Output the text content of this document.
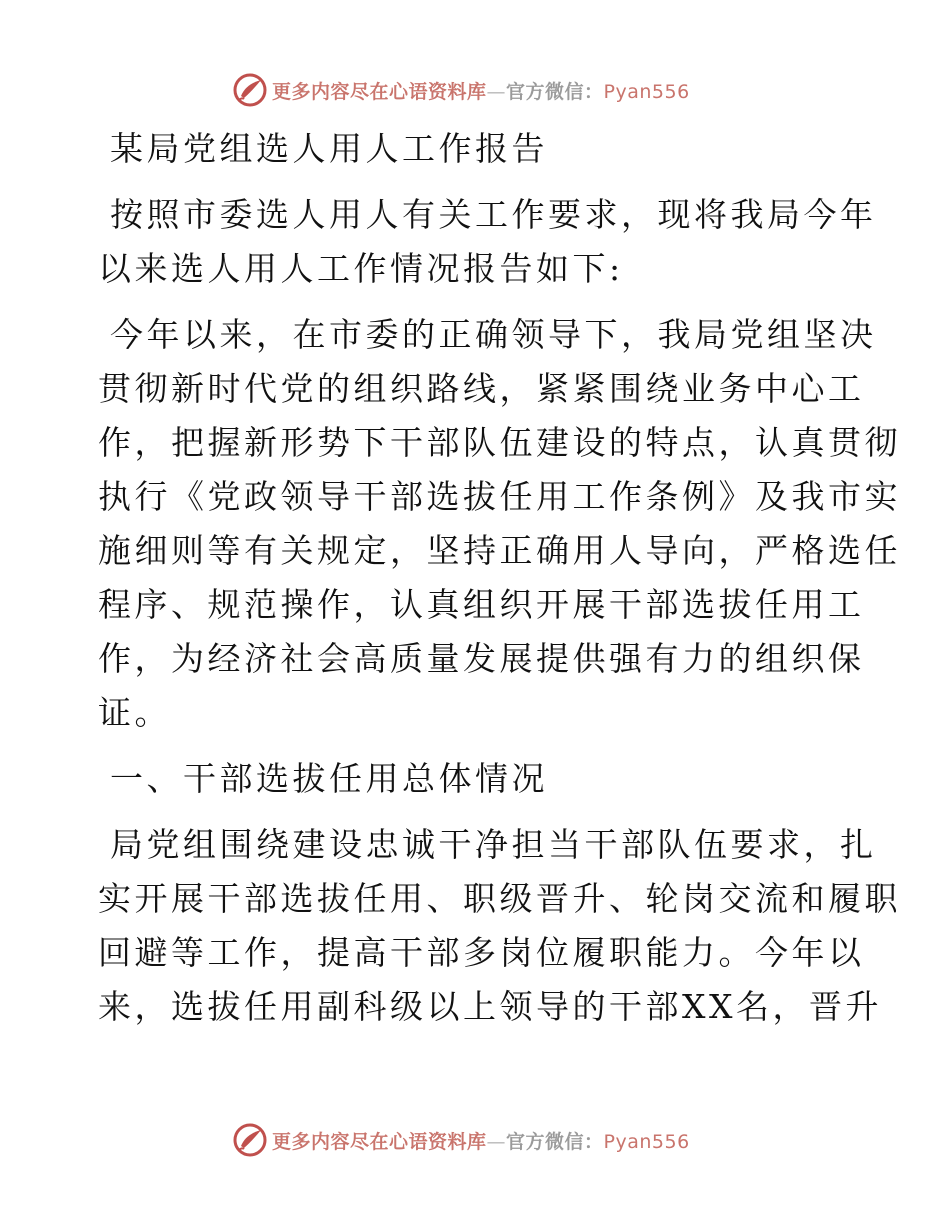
更多内容尽在心语资料库—官方微信：Pyan556
某局党组选人用人工作报告
按照市委选人用人有关工作要求，现将我局今年
以来选人用人工作情况报告如下:
今年以来，在市委的正确领导下，我局党组坚决
贯彻新时代党的组织路线，紧紧围绕业务中心工
作，把握新形势下干部队伍建设的特点，认真贯彻
执行《党政领导干部选拔任用工作条例》及我市实
施细则等有关规定，坚持正确用人导向，严格选任
程序、规范操作，认真组织开展干部选拔任用工
作，为经济社会高质量发展提供强有力的组织保
证。
一、干部选拔任用总体情况
局党组围绕建设忠诚干净担当干部队伍要求，扎
实开展干部选拔任用、职级晋升、轮岗交流和履职
回避等工作，提高干部多岗位履职能力。今年以
来，选拔任用副科级以上领导的干部XX名，晋升
更多内容尽在心语资料库—官方微信：Pyan556
